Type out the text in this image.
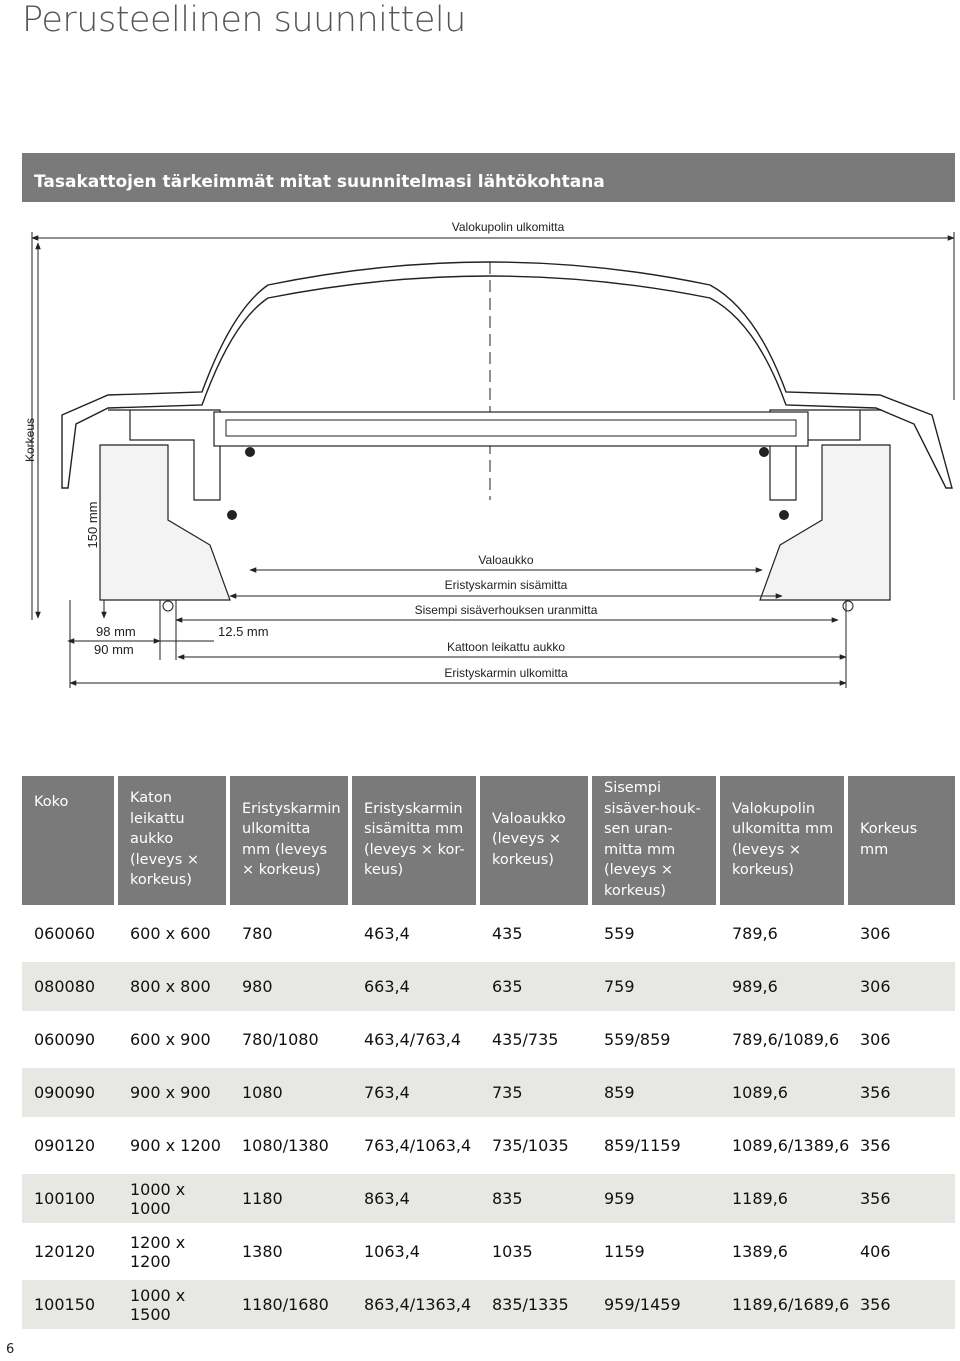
Perusteellinen suunnittelu
Tasakattojen tärkeimmät mitat suunnitelmasi lähtökohtana
Valokupolin ulkomitta
Korkeus
150 mm
Valoaukko
Eristyskarmin sisämitta
Sisempi sisäverhouksen uranmitta
98 mm
90 mm
12.5 mm
Kattoon leikattu aukko
Eristyskarmin ulkomitta
Koko	Katon leikattu aukko (leveys × korkeus)	Eristyskarmin ulkomitta mm (leveys × korkeus)	Eristyskarmin sisämitta mm (leveys × kor-keus)	Valoaukko (leveys × korkeus)	Sisempi sisäver-houk-sen uran-mitta mm (leveys × korkeus)	Valokupolin ulkomitta mm (leveys × korkeus)	Korkeus mm
060060	600 x 600	780	463,4	435	559	789,6	306
080080	800 x 800	980	663,4	635	759	989,6	306
060090	600 x 900	780/1080	463,4/763,4	435/735	559/859	789,6/1089,6	306
090090	900 x 900	1080	763,4	735	859	1089,6	356
090120	900 x 1200	1080/1380	763,4/1063,4	735/1035	859/1159	1089,6/1389,6	356
100100	1000 x 1000	1180	863,4	835	959	1189,6	356
120120	1200 x 1200	1380	1063,4	1035	1159	1389,6	406
100150	1000 x 1500	1180/1680	863,4/1363,4	835/1335	959/1459	1189,6/1689,6	356
6
